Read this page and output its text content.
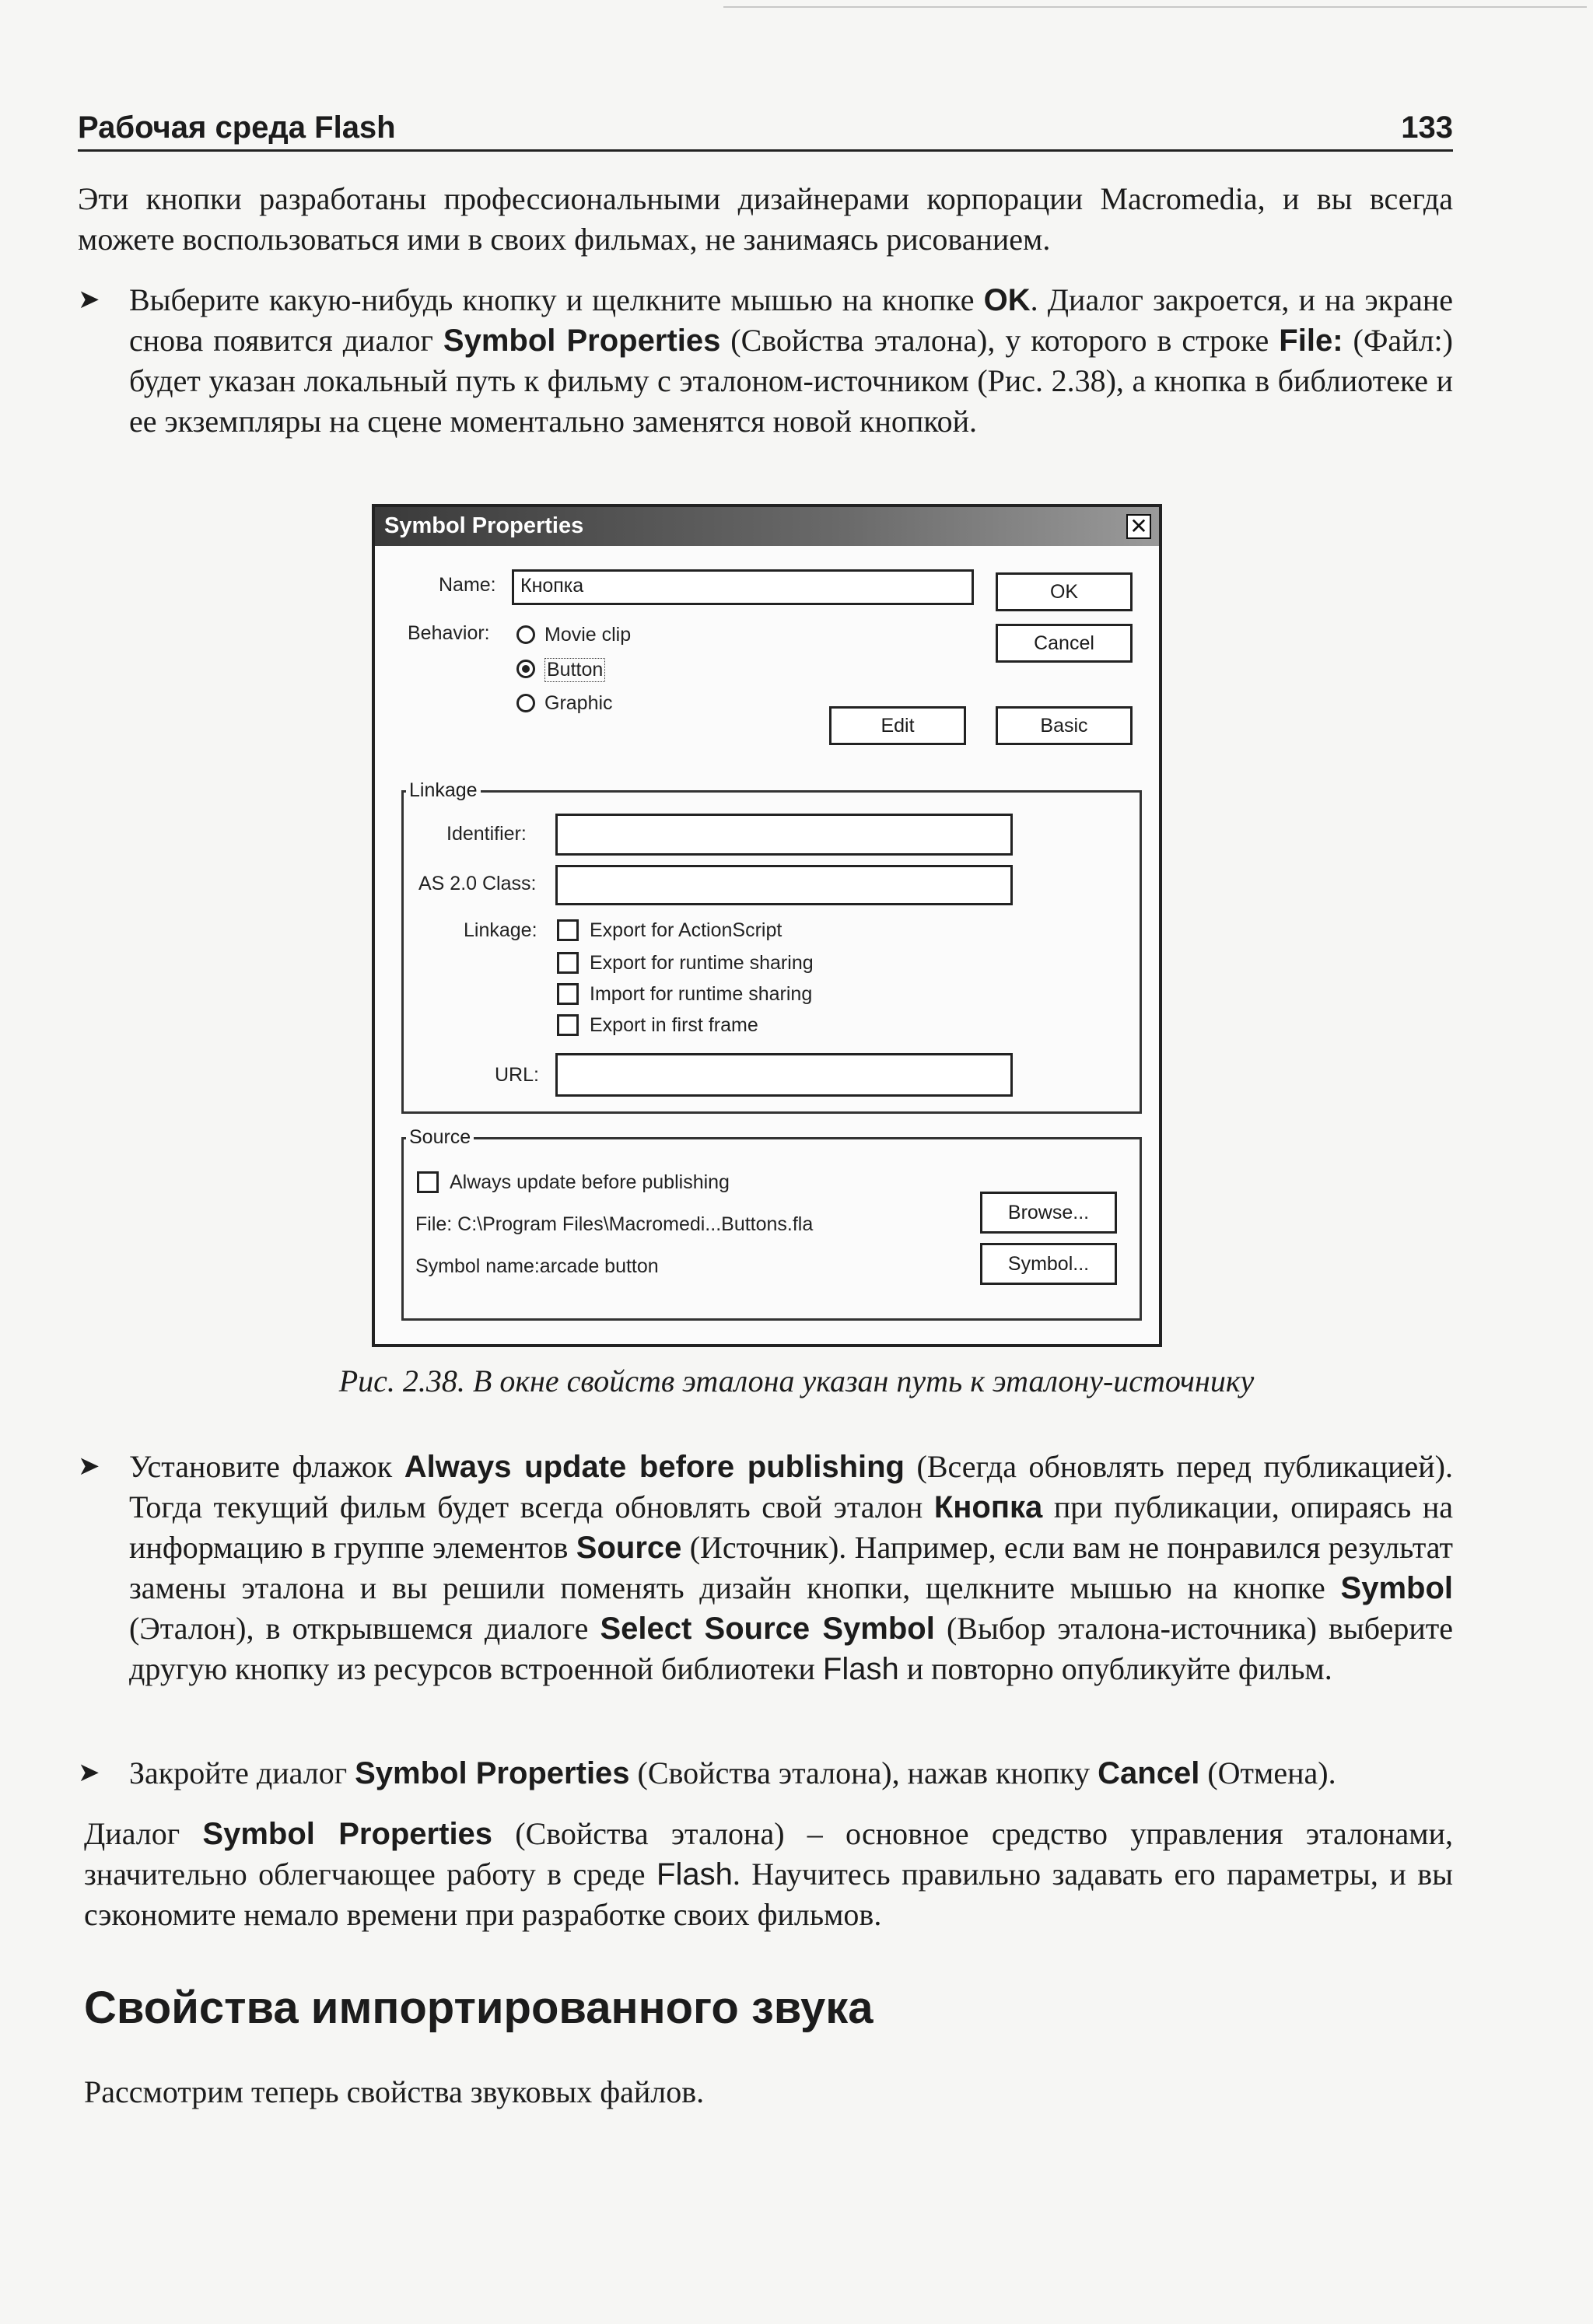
Рабочая среда Flash	133

Эти кнопки разработаны профессиональными дизайнерами корпорации Macromedia, и вы всегда можете воспользоваться ими в своих фильмах, не занимаясь рисованием.

➤ Выберите какую-нибудь кнопку и щелкните мышью на кнопке OK. Диалог закроется, и на экране снова появится диалог Symbol Properties (Свойства эталона), у которого в строке File: (Файл:) будет указан локальный путь к фильму с эталоном-источником (Рис. 2.38), а кнопка в библиотеке и ее экземпляры на сцене моментально заменятся новой кнопкой.
Symbol Properties	✕
Name:	Кнопка
Behavior:	Movie clip
Button
Graphic
OK
Cancel
Edit	Basic
Linkage
Identifier:
AS 2.0 Class:
Linkage:	Export for ActionScript
Export for runtime sharing
Import for runtime sharing
Export in first frame
URL:
Source
Always update before publishing
File: C:\Program Files\Macromedi...Buttons.fla
Symbol name:arcade button
Browse...
Symbol...
Рис. 2.38. В окне свойств эталона указан путь к эталону-источнику
➤ Установите флажок Always update before publishing (Всегда обновлять перед публикацией). Тогда текущий фильм будет всегда обновлять свой эталон Кнопка при публикации, опираясь на информацию в группе элементов Source (Источник). Например, если вам не понравился результат замены эталона и вы решили поменять дизайн кнопки, щелкните мышью на кнопке Symbol (Эталон), в открывшемся диалоге Select Source Symbol (Выбор эталона-источника) выберите другую кнопку из ресурсов встроенной библиотеки Flash и повторно опубликуйте фильм.
➤ Закройте диалог Symbol Properties (Свойства эталона), нажав кнопку Cancel (Отмена).

Диалог Symbol Properties (Свойства эталона) – основное средство управления эталонами, значительно облегчающее работу в среде Flash. Научитесь правильно задавать его параметры, и вы сэкономите немало времени при разработке своих фильмов.

Свойства импортированного звука

Рассмотрим теперь свойства звуковых файлов.
